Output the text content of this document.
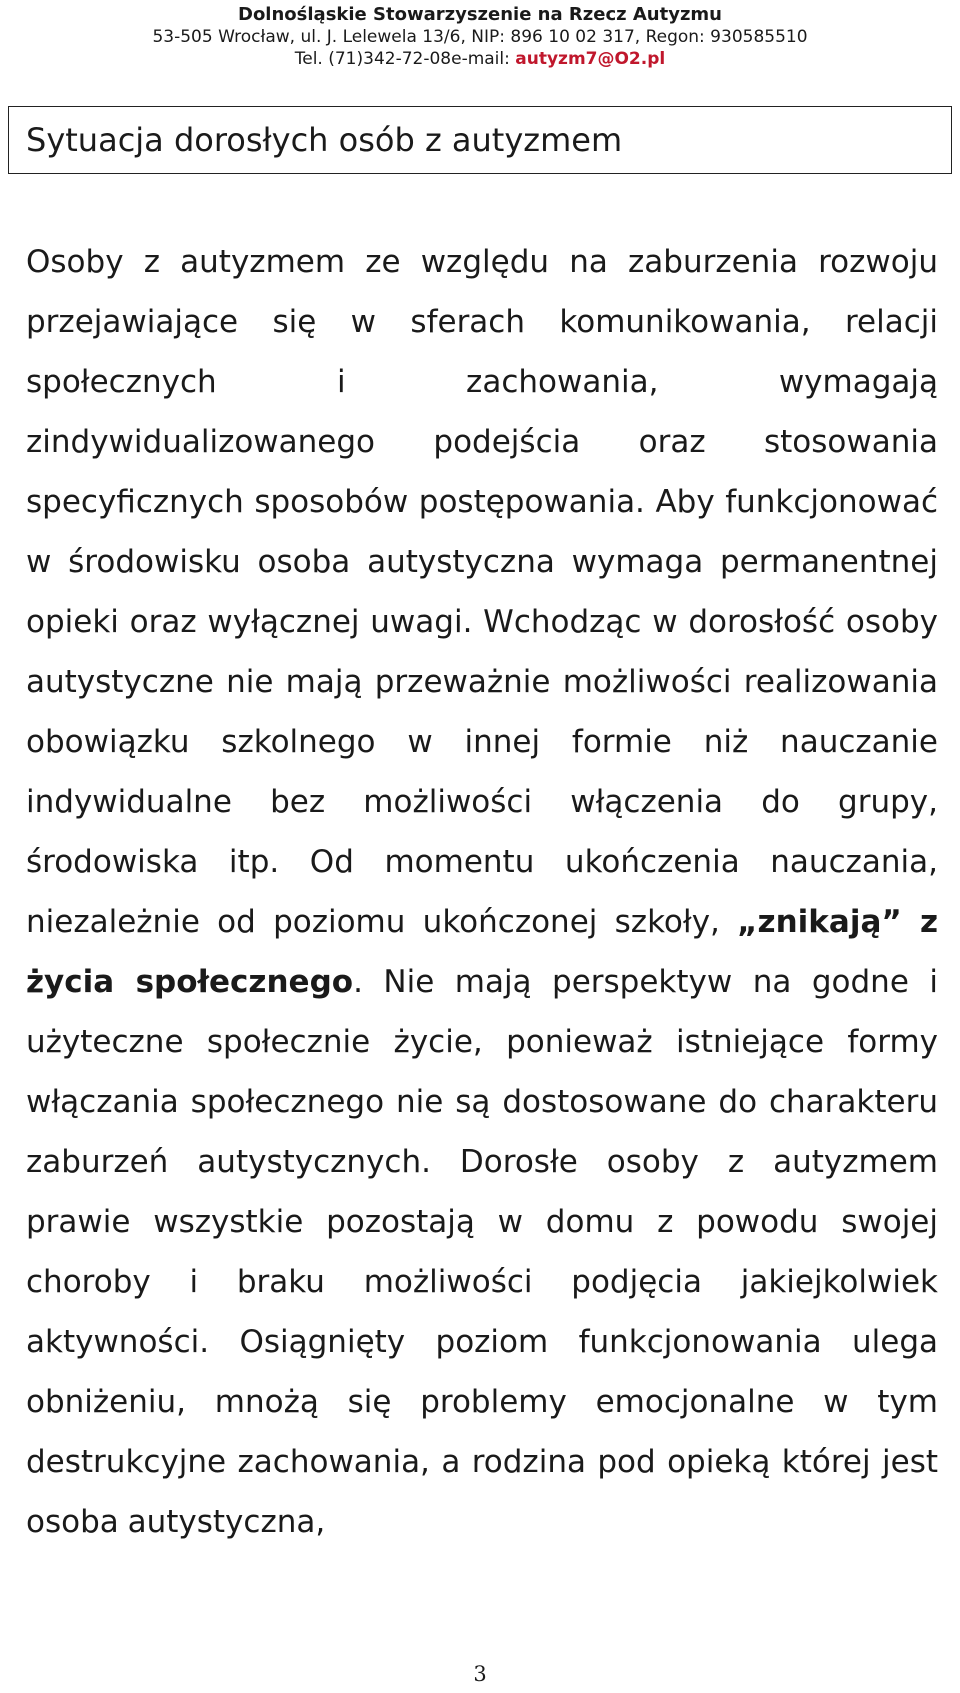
Dolnośląskie Stowarzyszenie na Rzecz Autyzmu
53-505 Wrocław, ul. J. Lelewela 13/6, NIP: 896 10 02 317, Regon: 930585510
Tel. (71)342-72-08e-mail: autyzm7@O2.pl
Sytuacja dorosłych osób z autyzmem
Osoby z autyzmem ze względu na zaburzenia rozwoju przejawiające się w sferach komunikowania, relacji społecznych i zachowania, wymagają zindywidualizowanego podejścia oraz stosowania specyficznych sposobów postępowania. Aby funkcjonować w środowisku osoba autystyczna wymaga permanentnej opieki oraz wyłącznej uwagi. Wchodząc w dorosłość osoby autystyczne nie mają przeważnie możliwości realizowania obowiązku szkolnego w innej formie niż nauczanie indywidualne bez możliwości włączenia do grupy, środowiska itp. Od momentu ukończenia nauczania, niezależnie od poziomu ukończonej szkoły, „znikają” z życia społecznego. Nie mają perspektyw na godne i użyteczne społecznie życie, ponieważ istniejące formy włączania społecznego nie są dostosowane do charakteru zaburzeń autystycznych. Dorosłe osoby z autyzmem prawie wszystkie pozostają w domu z powodu swojej choroby i braku możliwości podjęcia jakiejkolwiek aktywności. Osiągnięty poziom funkcjonowania ulega obniżeniu, mnożą się problemy emocjonalne w tym destrukcyjne zachowania, a rodzina pod opieką której jest osoba autystyczna,
3
